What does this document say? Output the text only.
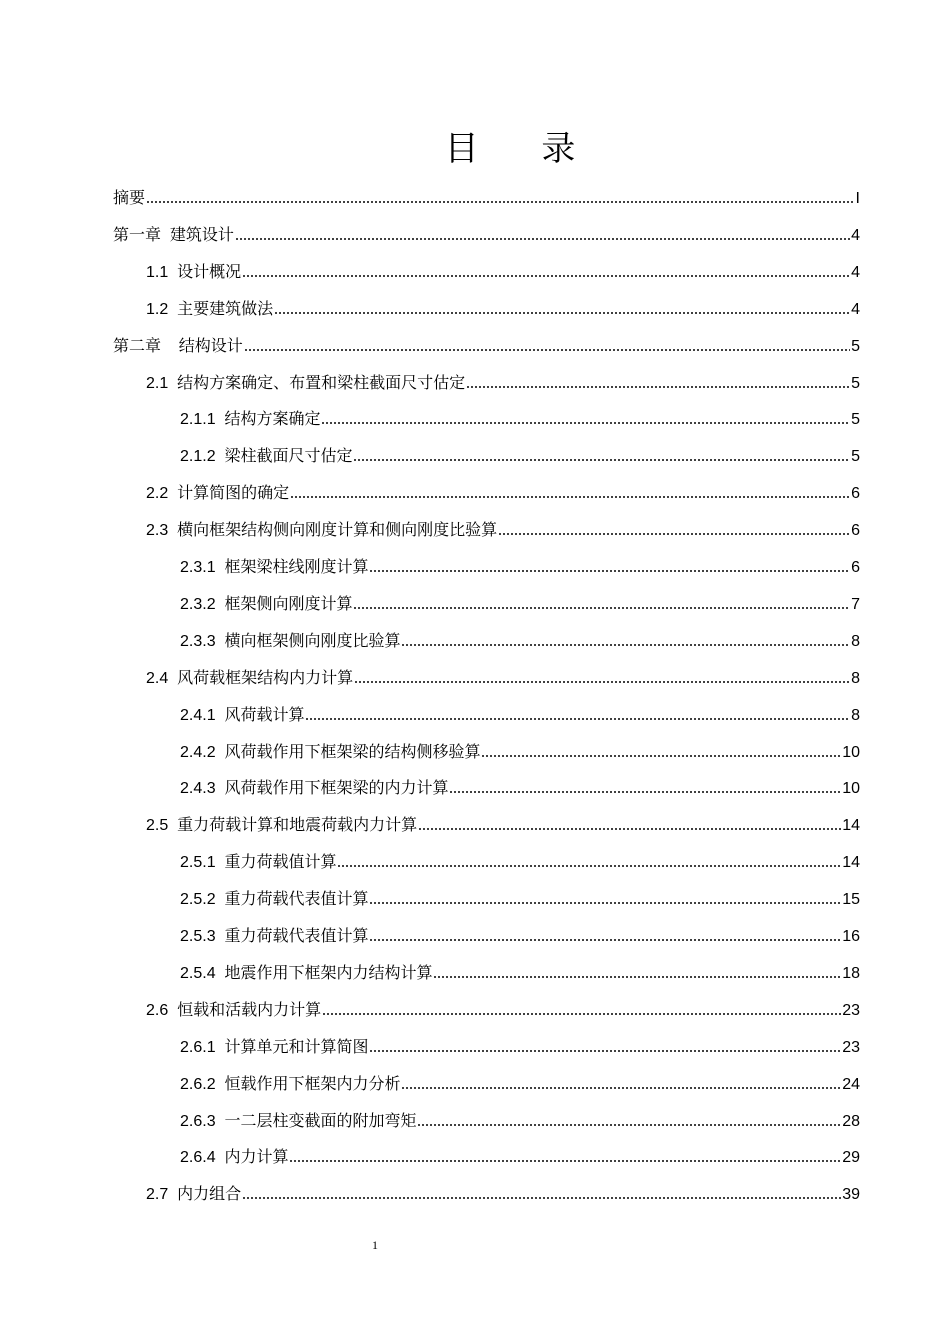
目 录
摘要	I
第一章  建筑设计	4
1.1  设计概况	4
1.2  主要建筑做法	4
第二章    结构设计	5
2.1  结构方案确定、布置和梁柱截面尺寸估定	5
2.1.1  结构方案确定	5
2.1.2  梁柱截面尺寸估定	5
2.2  计算简图的确定	6
2.3  横向框架结构侧向刚度计算和侧向刚度比验算	6
2.3.1  框架梁柱线刚度计算	6
2.3.2  框架侧向刚度计算	7
2.3.3  横向框架侧向刚度比验算	8
2.4  风荷载框架结构内力计算	8
2.4.1  风荷载计算	8
2.4.2  风荷载作用下框架梁的结构侧移验算	10
2.4.3  风荷载作用下框架梁的内力计算	10
2.5  重力荷载计算和地震荷载内力计算	14
2.5.1  重力荷载值计算	14
2.5.2  重力荷载代表值计算	15
2.5.3  重力荷载代表值计算	16
2.5.4  地震作用下框架内力结构计算	18
2.6  恒载和活载内力计算	23
2.6.1  计算单元和计算简图	23
2.6.2  恒载作用下框架内力分析	24
2.6.3  一二层柱变截面的附加弯矩	28
2.6.4  内力计算	29
2.7  内力组合	39
1
